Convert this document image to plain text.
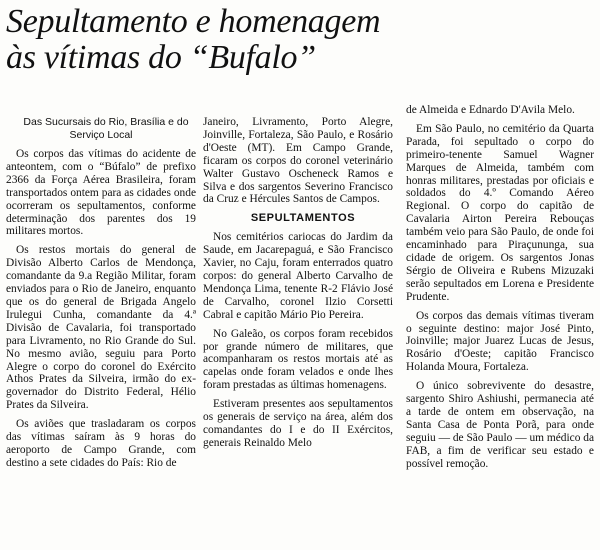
Sepultamento e homenagem
às vítimas do “Bufalo”

Das Sucursais do Rio, Brasília e do Serviço Local

Os corpos das vítimas do acidente de anteontem, com o “Búfalo” de prefixo 2366 da Força Aérea Brasileira, foram transportados ontem para as cidades onde ocorreram os sepultamentos, conforme determinação dos parentes dos 19 militares mortos.

Os restos mortais do general de Divisão Alberto Carlos de Mendonça, comandante da 9.a Região Militar, foram enviados para o Rio de Janeiro, enquanto que os do general de Brigada Angelo Irulegui Cunha, comandante da 4.ª Divisão de Cavalaria, foi transportado para Livramento, no Rio Grande do Sul. No mesmo avião, seguiu para Porto Alegre o corpo do coronel do Exército Athos Prates da Silveira, irmão do ex-governador do Distrito Federal, Hélio Prates da Silveira.

Os aviões que trasladaram os corpos das vítimas saíram às 9 horas do aeroporto de Campo Grande, com destino a sete cidades do País: Rio de

Janeiro, Livramento, Porto Alegre, Joinville, Fortaleza, São Paulo, e Rosário d'Oeste (MT). Em Campo Grande, ficaram os corpos do coronel veterinário Walter Gustavo Oscheneck Ramos e Silva e dos sargentos Severino Francisco da Cruz e Hércules Santos de Campos.

SEPULTAMENTOS

Nos cemitérios cariocas do Jardim da Saude, em Jacarepaguá, e São Francisco Xavier, no Caju, foram enterrados quatro corpos: do general Alberto Carvalho de Mendonça Lima, tenente R-2 Flávio José de Carvalho, coronel Ilzio Corsetti Cabral e capitão Mário Pio Pereira.

No Galeão, os corpos foram recebidos por grande número de militares, que acompanharam os restos mortais até as capelas onde foram velados e onde lhes foram prestadas as últimas homenagens.

Estiveram presentes aos sepultamentos os generais de serviço na área, além dos comandantes do I e do II Exércitos, generais Reinaldo Melo

de Almeida e Ednardo D'Avila Melo.

Em São Paulo, no cemitério da Quarta Parada, foi sepultado o corpo do primeiro-tenente Samuel Wagner Marques de Almeida, também com honras militares, prestadas por oficiais e soldados do 4.º Comando Aéreo Regional. O corpo do capitão de Cavalaria Airton Pereira Rebouças também veio para São Paulo, de onde foi encaminhado para Piraçununga, sua cidade de origem. Os sargentos Jonas Sérgio de Oliveira e Rubens Mizuzaki serão sepultados em Lorena e Presidente Prudente.

Os corpos das demais vítimas tiveram o seguinte destino: major José Pinto, Joinville; major Juarez Lucas de Jesus, Rosário d'Oeste; capitão Francisco Holanda Moura, Fortaleza.

O único sobrevivente do desastre, sargento Shiro Ashiushi, permanecia até a tarde de ontem em observação, na Santa Casa de Ponta Porã, para onde seguiu — de São Paulo — um médico da FAB, a fim de verificar seu estado e possível remoção.
